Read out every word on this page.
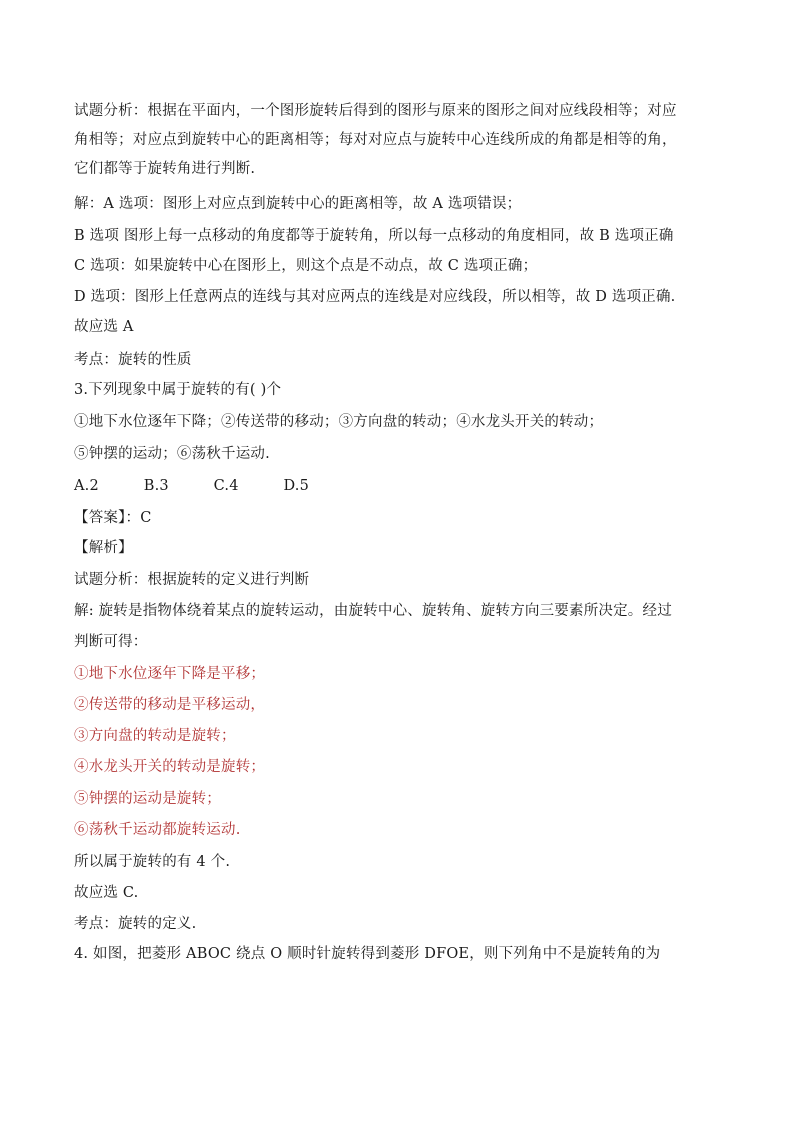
试题分析：根据在平面内，一个图形旋转后得到的图形与原来的图形之间对应线段相等；对应
角相等；对应点到旋转中心的距离相等；每对对应点与旋转中心连线所成的角都是相等的角，
它们都等于旋转角进行判断.
解：A 选项：图形上对应点到旋转中心的距离相等，故 A 选项错误；
B 选项 图形上每一点移动的角度都等于旋转角，所以每一点移动的角度相同，故 B 选项正确
C 选项：如果旋转中心在图形上，则这个点是不动点，故 C 选项正确；
D 选项：图形上任意两点的连线与其对应两点的连线是对应线段，所以相等，故 D 选项正确.
故应选 A
考点：旋转的性质
3.下列现象中属于旋转的有( )个
①地下水位逐年下降；②传送带的移动；③方向盘的转动；④水龙头开关的转动；
⑤钟摆的运动；⑥荡秋千运动.
A.2	B.3	C.4	D.5
【答案】：C
【解析】
试题分析：根据旋转的定义进行判断
解: 旋转是指物体绕着某点的旋转运动，由旋转中心、旋转角、旋转方向三要素所决定。经过
判断可得：
①地下水位逐年下降是平移；
②传送带的移动是平移运动，
③方向盘的转动是旋转；
④水龙头开关的转动是旋转；
⑤钟摆的运动是旋转；
⑥荡秋千运动都旋转运动.
所以属于旋转的有 4 个.
故应选 C.
考点：旋转的定义.
4. 如图，把菱形 ABOC 绕点 O 顺时针旋转得到菱形 DFOE，则下列角中不是旋转角的为
